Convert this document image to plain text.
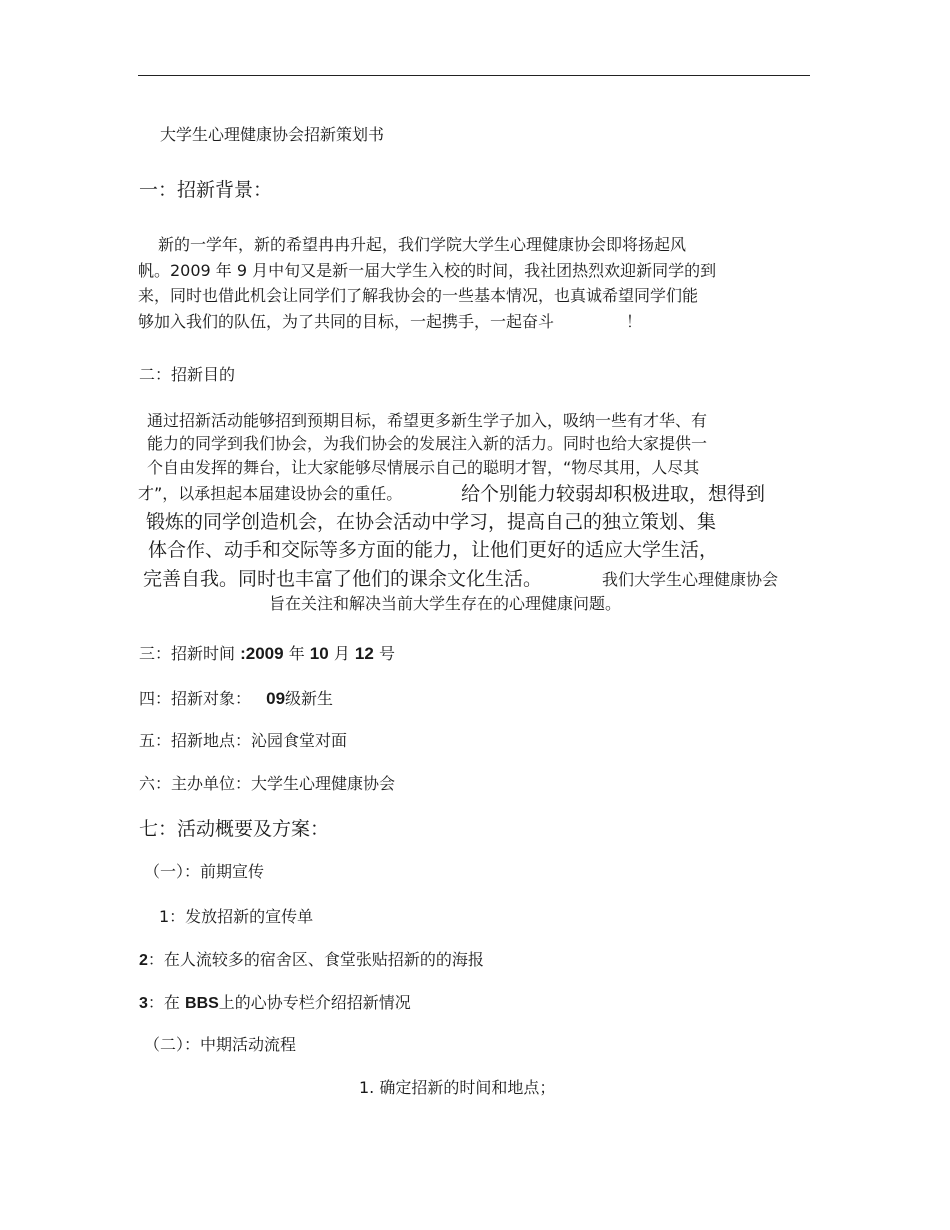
大学生心理健康协会招新策划书
一：招新背景：
新的一学年，新的希望冉冉升起，我们学院大学生心理健康协会即将扬起风
帆。2009 年 9 月中旬又是新一届大学生入校的时间，我社团热烈欢迎新同学的到
来，同时也借此机会让同学们了解我协会的一些基本情况，也真诚希望同学们能
够加入我们的队伍，为了共同的目标，一起携手，一起奋斗	！
二：招新目的
通过招新活动能够招到预期目标，希望更多新生学子加入，吸纳一些有才华、有
能力的同学到我们协会，为我们协会的发展注入新的活力。同时也给大家提供一
个自由发挥的舞台，让大家能够尽情展示自己的聪明才智，“物尽其用，人尽其
才”，以承担起本届建设协会的重任。	给个别能力较弱却积极进取，想得到
锻炼的同学创造机会，在协会活动中学习，提高自己的独立策划、集
体合作、动手和交际等多方面的能力，让他们更好的适应大学生活，
完善自我。同时也丰富了他们的课余文化生活。	我们大学生心理健康协会
旨在关注和解决当前大学生存在的心理健康问题。
三：招新时间 :2009 年 10 月 12 号
四：招新对象： 09级新生
五：招新地点：沁园食堂对面
六：主办单位：大学生心理健康协会
七：活动概要及方案：
（一）：前期宣传
1：发放招新的宣传单
2：在人流较多的宿舍区、食堂张贴招新的的海报
3：在 BBS上的心协专栏介绍招新情况
（二）：中期活动流程
1. 确定招新的时间和地点；
